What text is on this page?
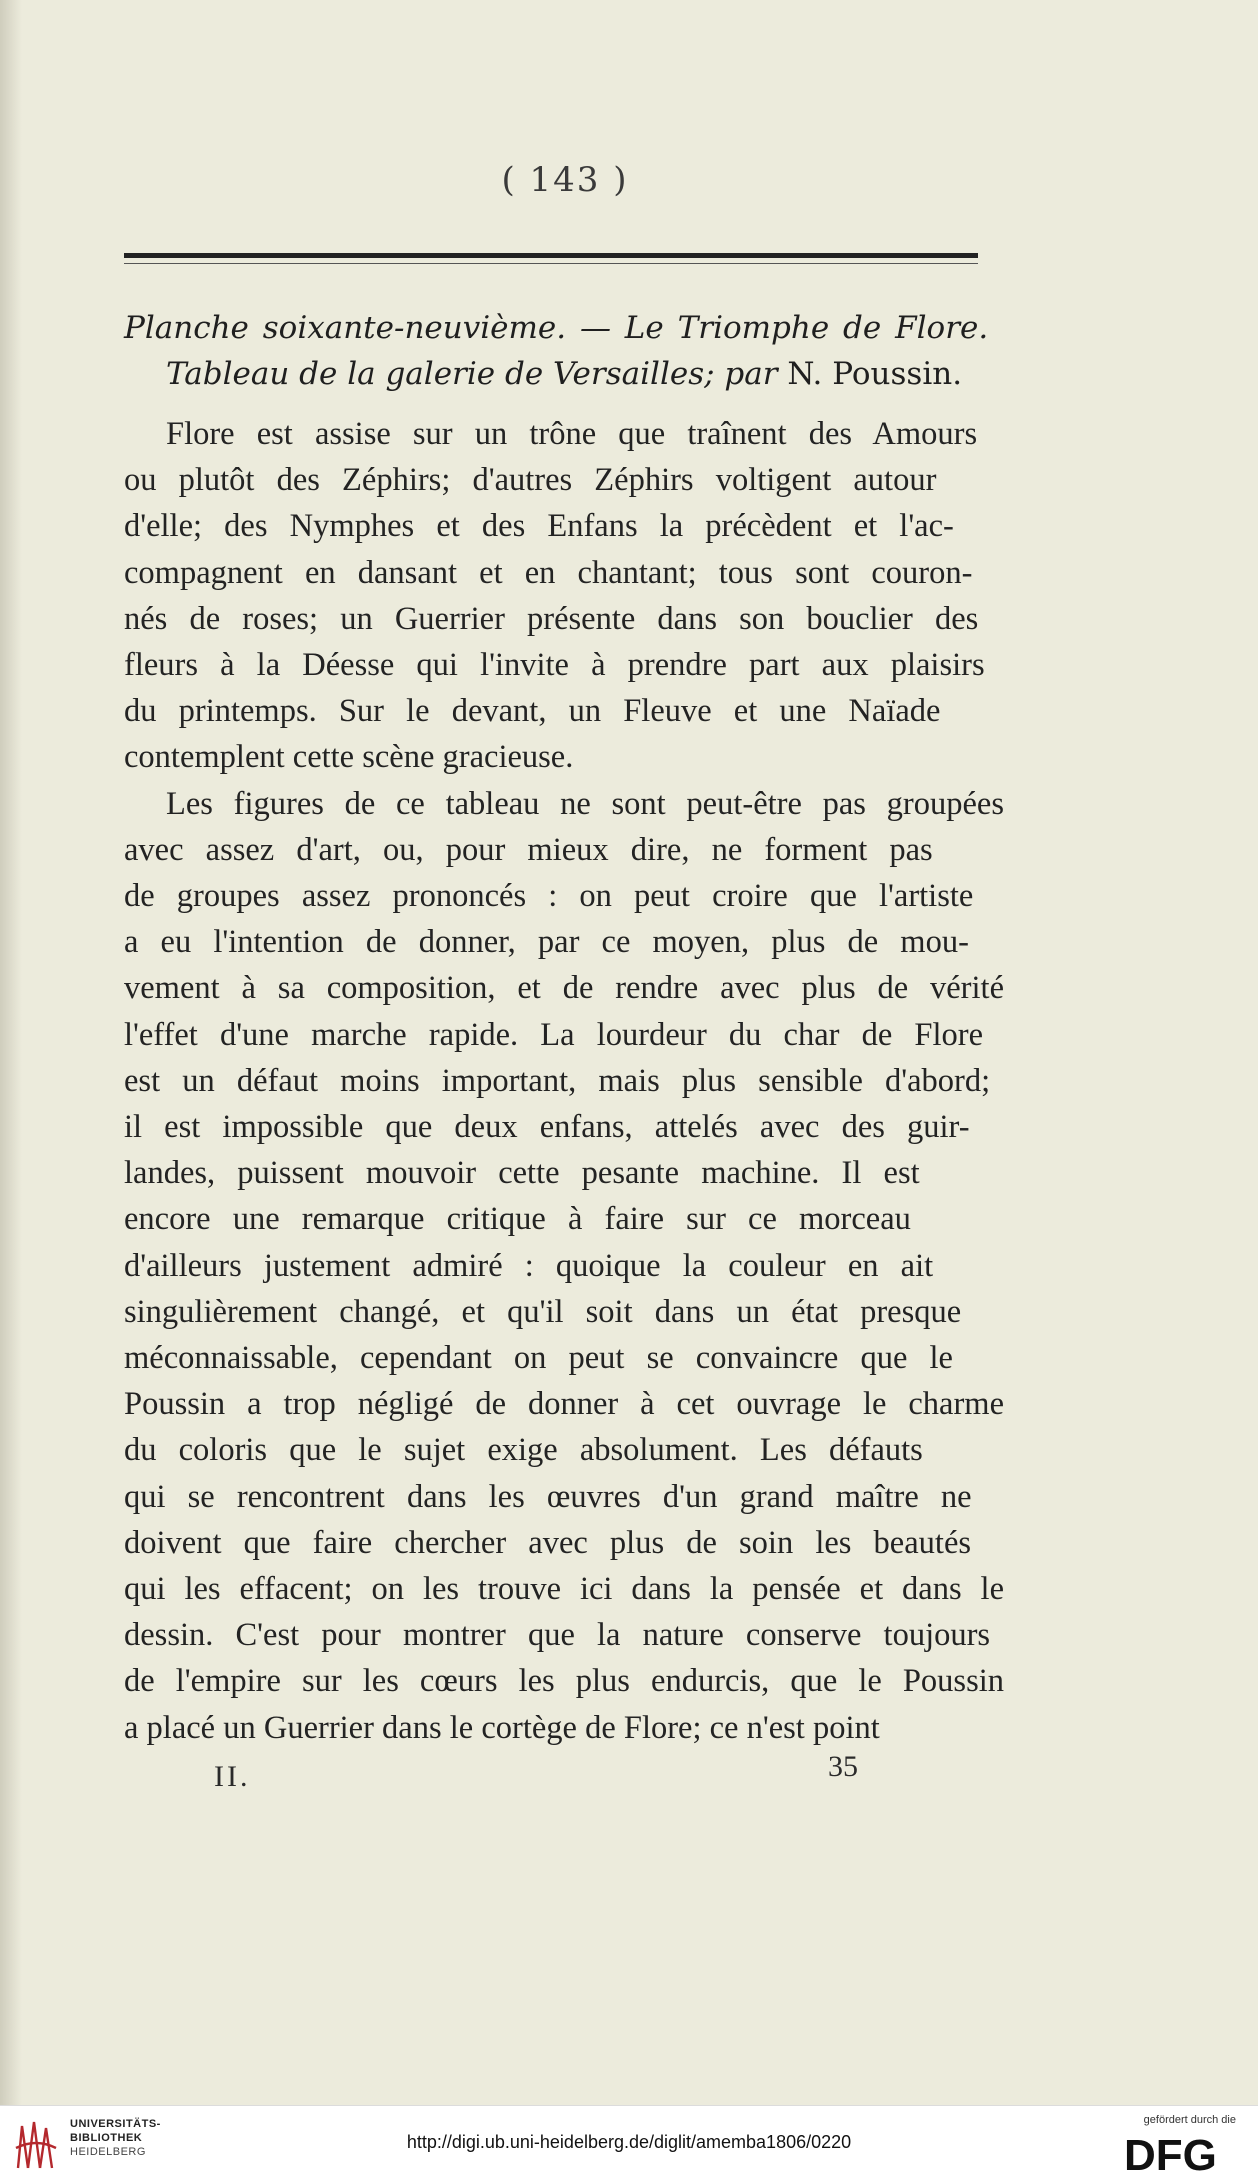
( 143 )
Planche soixante-neuvième. — Le Triomphe de Flore.
Tableau de la galerie de Versailles; par N. Poussin.
Flore est assise sur un trône que traînent des Amours
ou plutôt des Zéphirs; d'autres Zéphirs voltigent autour
d'elle; des Nymphes et des Enfans la précèdent et l'ac-
compagnent en dansant et en chantant; tous sont couron-
nés de roses; un Guerrier présente dans son bouclier des
fleurs à la Déesse qui l'invite à prendre part aux plaisirs
du printemps. Sur le devant, un Fleuve et une Naïade
contemplent cette scène gracieuse.
Les figures de ce tableau ne sont peut-être pas groupées
avec assez d'art, ou, pour mieux dire, ne forment pas
de groupes assez prononcés : on peut croire que l'artiste
a eu l'intention de donner, par ce moyen, plus de mou-
vement à sa composition, et de rendre avec plus de vérité
l'effet d'une marche rapide. La lourdeur du char de Flore
est un défaut moins important, mais plus sensible d'abord;
il est impossible que deux enfans, attelés avec des guir-
landes, puissent mouvoir cette pesante machine. Il est
encore une remarque critique à faire sur ce morceau
d'ailleurs justement admiré : quoique la couleur en ait
singulièrement changé, et qu'il soit dans un état presque
méconnaissable, cependant on peut se convaincre que le
Poussin a trop négligé de donner à cet ouvrage le charme
du coloris que le sujet exige absolument. Les défauts
qui se rencontrent dans les œuvres d'un grand maître ne
doivent que faire chercher avec plus de soin les beautés
qui les effacent; on les trouve ici dans la pensée et dans le
dessin. C'est pour montrer que la nature conserve toujours
de l'empire sur les cœurs les plus endurcis, que le Poussin
a placé un Guerrier dans le cortège de Flore; ce n'est point
II.	35
UNIVERSITÄTS-
BIBLIOTHEK
HEIDELBERG	http://digi.ub.uni-heidelberg.de/diglit/amemba1806/0220
gefördert durch die
DFG
